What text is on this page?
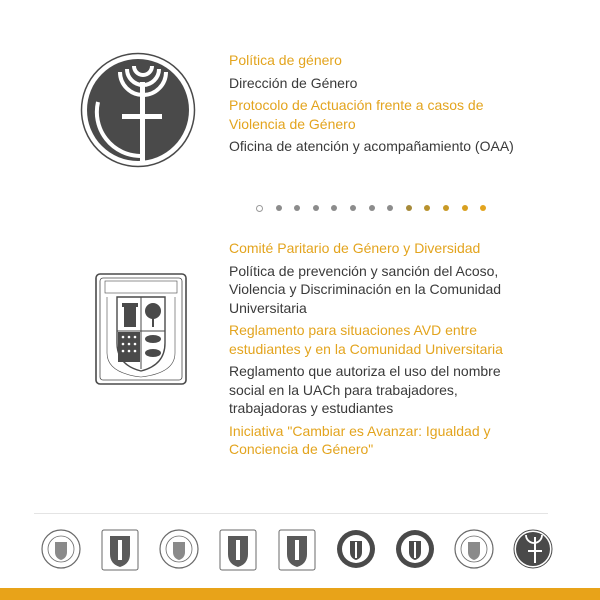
Política de género
Dirección de Género
Protocolo de Actuación frente a casos de Violencia de Género
Oficina de atención y acompañamiento (OAA)
Comité Paritario de Género y Diversidad
Política de prevención y sanción del Acoso, Violencia y Discriminación en la Comunidad Universitaria
Reglamento para situaciones AVD entre estudiantes y en la Comunidad Universitaria
Reglamento que autoriza el uso del nombre social en la UACh para trabajadores, trabajadoras y estudiantes
Iniciativa "Cambiar es Avanzar: Igualdad y Conciencia de Género"
